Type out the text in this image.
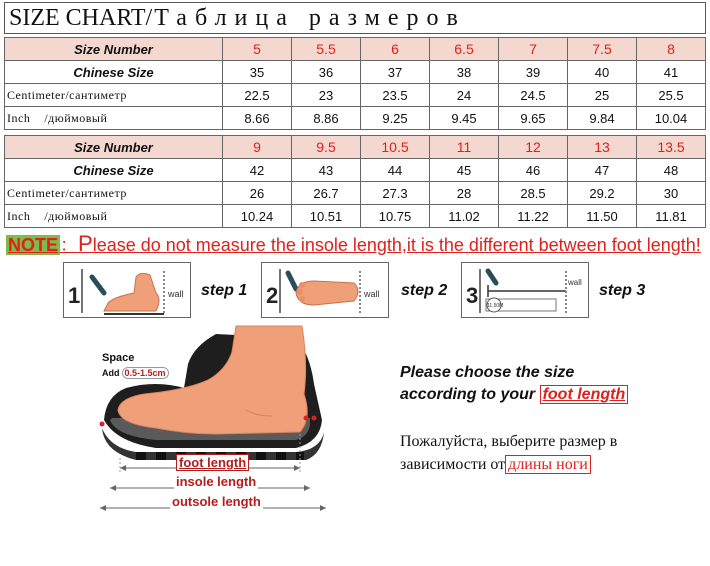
SIZE CHART/Таблица размеров
Size Number	5	5.5	6	6.5	7	7.5	8
Chinese Size	35	36	37	38	39	40	41
Centimeter/сантиметр	22.5	23	23.5	24	24.5	25	25.5
Inch    /дюймовый	8.66	8.86	9.25	9.45	9.65	9.84	10.04
Size Number	9	9.5	10.5	11	12	13	13.5
Chinese Size	42	43	44	45	46	47	48
Centimeter/сантиметр	26	26.7	27.3	28	28.5	29.2	30
Inch    /дюймовый	10.24	10.51	10.75	11.02	11.22	11.50	11.81
NOTE ：Please do not measure the insole length,it is the different between foot length!
1	wall step 1 2	wall step 2 3 11.50M
wall step 3
Space
Add 0.5-1.5cm
foot length
insole length
outsole length
Please choose the size
according to your foot length
Пожалуйста, выберите размер в
зависимости от длины ноги
